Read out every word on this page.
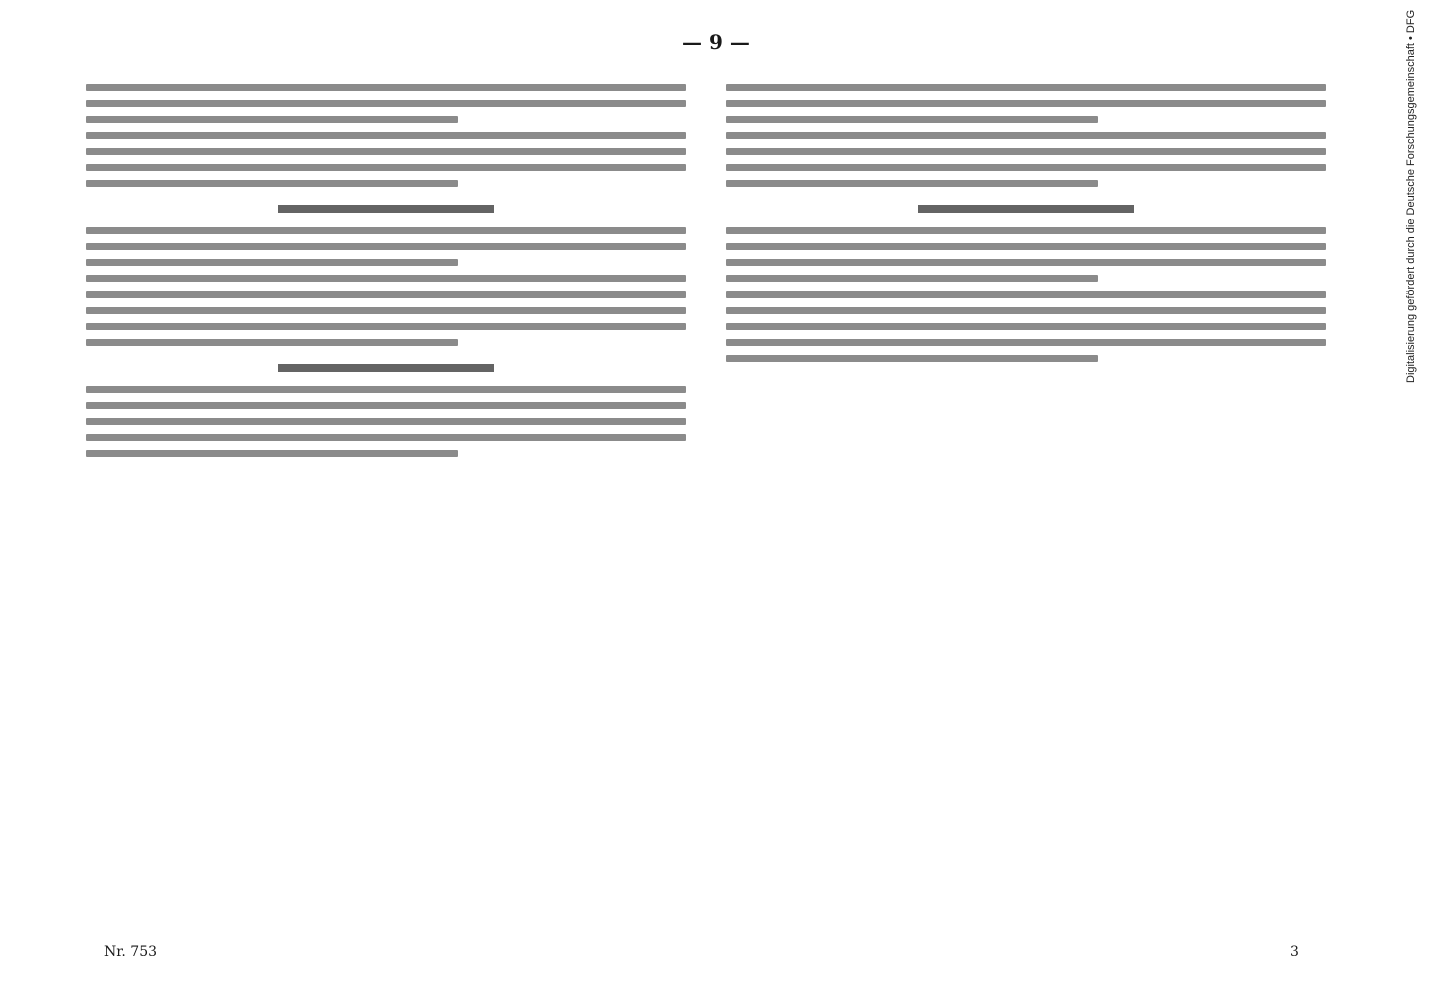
— 9 —
Nr. 753	3
Digitalisierung gefördert durch die Deutsche Forschungsgemeinschaft • DFG
